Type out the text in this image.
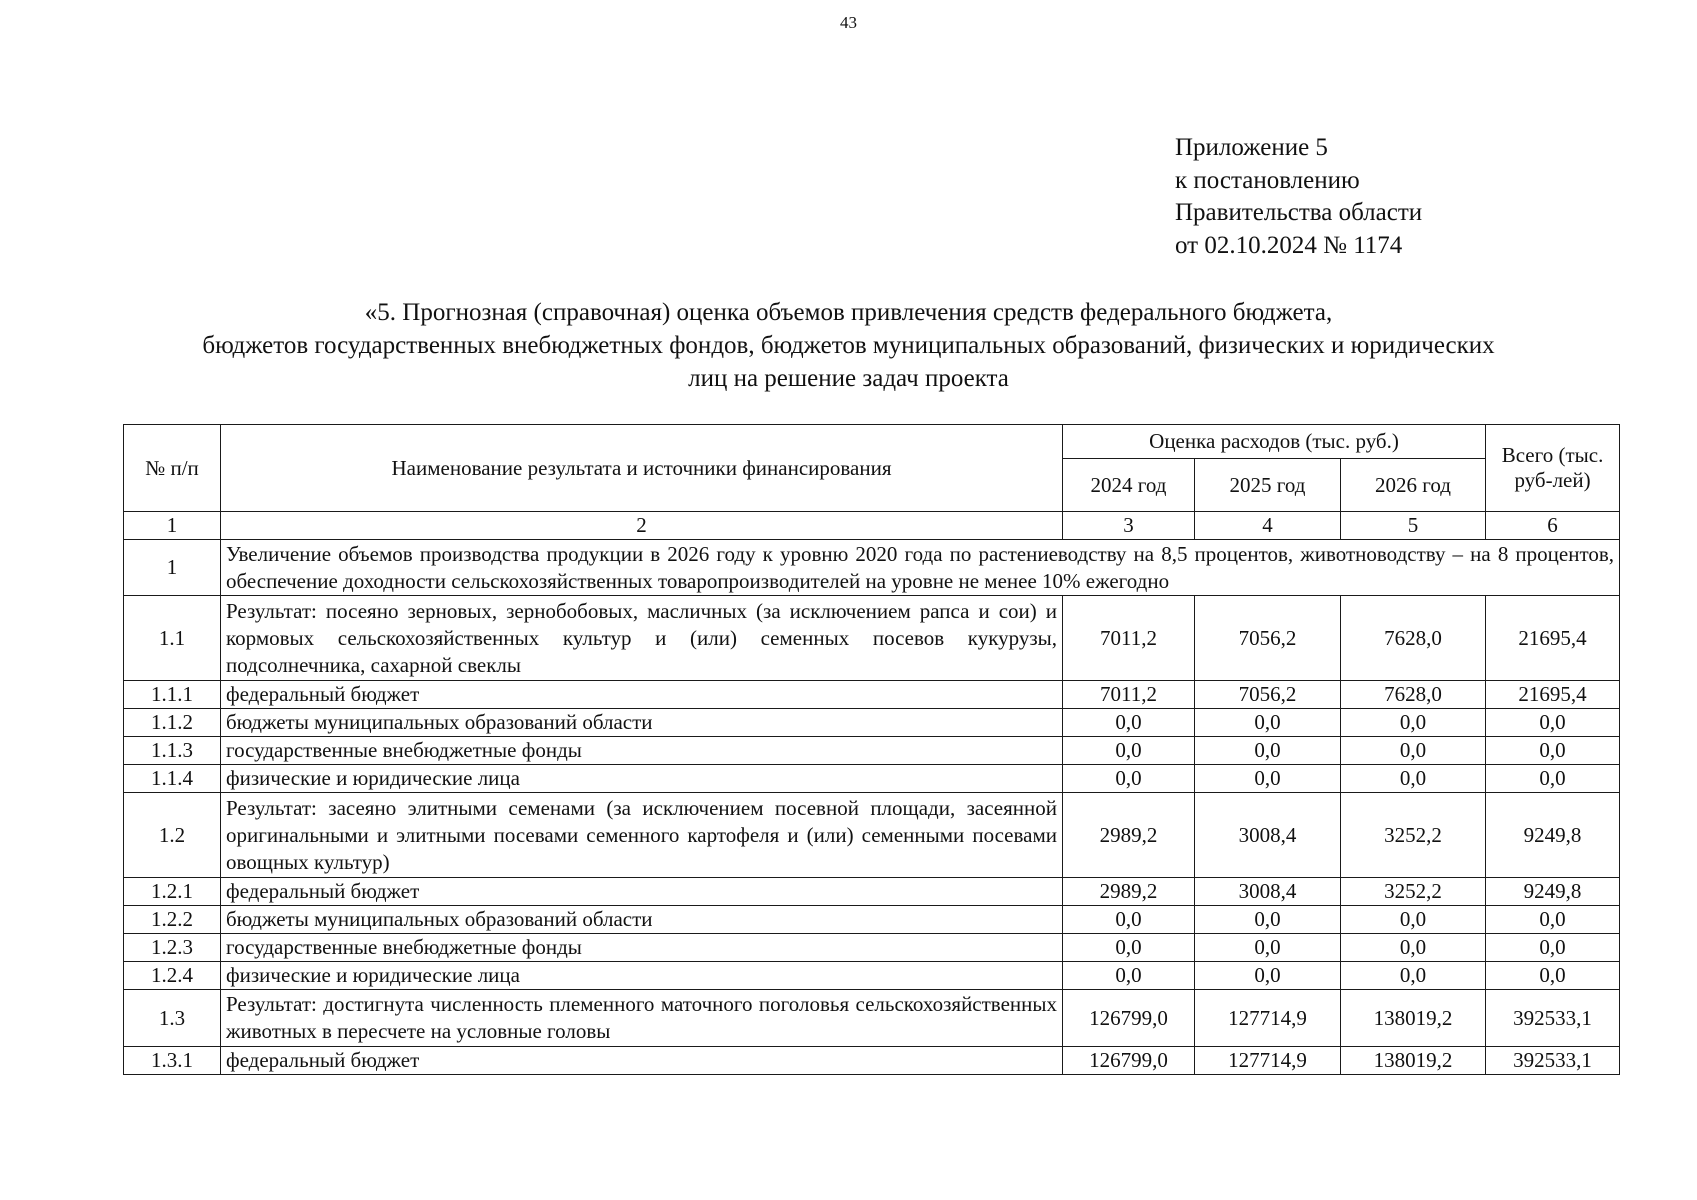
43
Приложение 5
к постановлению
Правительства области
от 02.10.2024 № 1174
«5. Прогнозная (справочная) оценка объемов привлечения средств федерального бюджета,
бюджетов государственных внебюджетных фондов, бюджетов муниципальных образований, физических и юридических
лиц на решение задач проекта
№ п/п	Наименование результата и источники финансирования	Оценка расходов (тыс. руб.)			Всего (тыс. руб-лей)
		2024 год	2025 год	2026 год	
1	2	3	4	5	6
1	Увеличение объемов производства продукции в 2026 году к уровню 2020 года по растениеводству на 8,5 процентов, животноводству – на 8 процентов, обеспечение доходности сельскохозяйственных товаропроизводителей на уровне не менее 10% ежегодно				
1.1	Результат: посеяно зерновых, зернобобовых, масличных (за исключением рапса и сои) и кормовых сельскохозяйственных культур и (или) семенных посевов кукурузы, подсолнечника, сахарной свеклы	7011,2	7056,2	7628,0	21695,4
1.1.1	федеральный бюджет	7011,2	7056,2	7628,0	21695,4
1.1.2	бюджеты муниципальных образований области	0,0	0,0	0,0	0,0
1.1.3	государственные внебюджетные фонды	0,0	0,0	0,0	0,0
1.1.4	физические и юридические лица	0,0	0,0	0,0	0,0
1.2	Результат: засеяно элитными семенами (за исключением посевной площади, засеянной оригинальными и элитными посевами семенного картофеля и (или) семенными посевами овощных культур)	2989,2	3008,4	3252,2	9249,8
1.2.1	федеральный бюджет	2989,2	3008,4	3252,2	9249,8
1.2.2	бюджеты муниципальных образований области	0,0	0,0	0,0	0,0
1.2.3	государственные внебюджетные фонды	0,0	0,0	0,0	0,0
1.2.4	физические и юридические лица	0,0	0,0	0,0	0,0
1.3	Результат: достигнута численность племенного маточного поголовья сельскохозяйственных животных в пересчете на условные головы	126799,0	127714,9	138019,2	392533,1
1.3.1	федеральный бюджет	126799,0	127714,9	138019,2	392533,1
